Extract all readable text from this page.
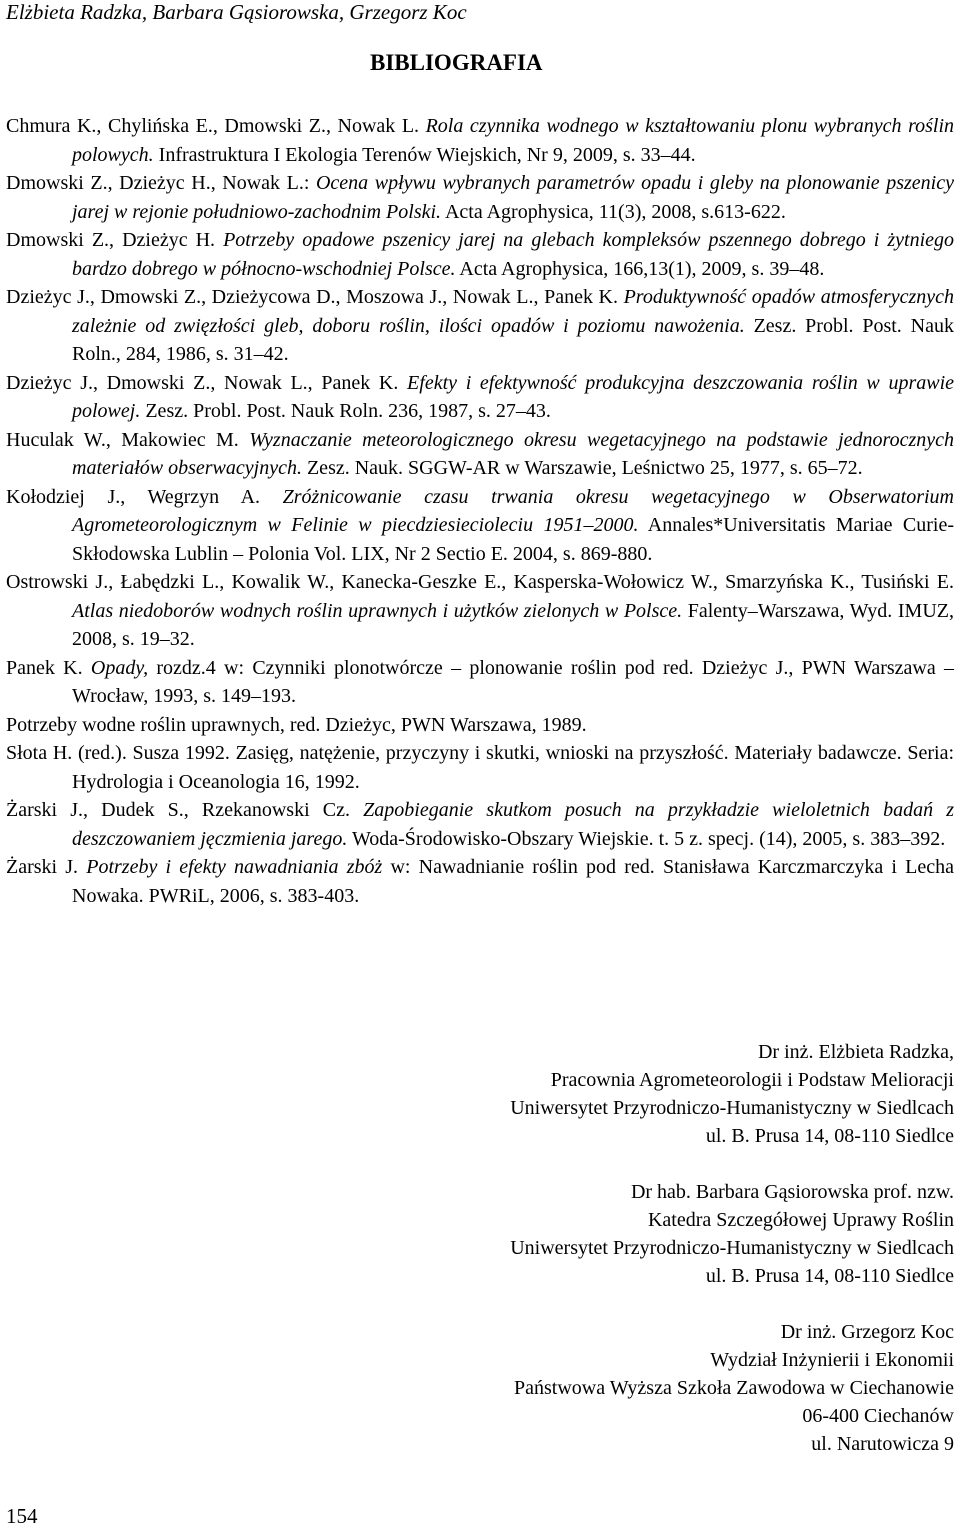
Elżbieta Radzka, Barbara Gąsiorowska, Grzegorz Koc
BIBLIOGRAFIA
Chmura K., Chylińska E., Dmowski Z., Nowak L. Rola czynnika wodnego w kształtowaniu plonu wybranych roślin polowych. Infrastruktura I Ekologia Terenów Wiejskich, Nr 9, 2009, s. 33‒44.
Dmowski Z., Dzieżyc H., Nowak L.: Ocena wpływu wybranych parametrów opadu i gleby na plonowanie pszenicy jarej w rejonie południowo-zachodnim Polski. Acta Agrophysica, 11(3), 2008, s.613-622.
Dmowski Z., Dzieżyc H. Potrzeby opadowe pszenicy jarej na glebach kompleksów pszennego dobrego i żytniego bardzo dobrego w północno-wschodniej Polsce. Acta Agrophysica, 166,13(1), 2009, s. 39‒48.
Dzieżyc J., Dmowski Z., Dzieżycowa D., Moszowa J., Nowak L., Panek K. Produktywność opadów atmosferycznych zależnie od zwięzłości gleb, doboru roślin, ilości opadów i poziomu nawożenia. Zesz. Probl. Post. Nauk Roln., 284, 1986, s. 31‒42.
Dzieżyc J., Dmowski Z., Nowak L., Panek K. Efekty i efektywność produkcyjna deszczowania roślin w uprawie polowej. Zesz. Probl. Post. Nauk Roln. 236, 1987, s. 27‒43.
Huculak W., Makowiec M. Wyznaczanie meteorologicznego okresu wegetacyjnego na podstawie jednorocznych materiałów obserwacyjnych. Zesz. Nauk. SGGW-AR w Warszawie, Leśnictwo 25, 1977, s. 65‒72.
Kołodziej J., Wegrzyn A. Zróżnicowanie czasu trwania okresu wegetacyjnego w Obserwatorium Agrometeorologicznym w Felinie w piecdziesiecioleciu 1951‒2000. Annales*Universitatis Mariae Curie-Skłodowska Lublin ‒ Polonia Vol. LIX, Nr 2 Sectio E. 2004, s. 869-880.
Ostrowski J., Łabędzki L., Kowalik W., Kanecka-Geszke E., Kasperska-Wołowicz W., Smarzyńska K., Tusiński E. Atlas niedoborów wodnych roślin uprawnych i użytków zielonych w Polsce. Falenty‒Warszawa, Wyd. IMUZ, 2008, s. 19‒32.
Panek K. Opady, rozdz.4 w: Czynniki plonotwórcze ‒ plonowanie roślin pod red. Dzieżyc J., PWN Warszawa ‒Wrocław, 1993, s. 149‒193.
Potrzeby wodne roślin uprawnych, red. Dzieżyc, PWN Warszawa, 1989.
Słota H. (red.). Susza 1992. Zasięg, natężenie, przyczyny i skutki, wnioski na przyszłość. Materiały badawcze. Seria: Hydrologia i Oceanologia 16, 1992.
Żarski J., Dudek S., Rzekanowski Cz. Zapobieganie skutkom posuch na przykładzie wieloletnich badań z deszczowaniem jęczmienia jarego. Woda-Środowisko-Obszary Wiejskie. t. 5 z. specj. (14), 2005, s. 383‒392.
Żarski J. Potrzeby i efekty nawadniania zbóż w: Nawadnianie roślin pod red. Stanisława Karczmarczyka i Lecha Nowaka. PWRiL, 2006, s. 383-403.
Dr inż. Elżbieta Radzka,
Pracownia Agrometeorologii i Podstaw Melioracji
Uniwersytet Przyrodniczo-Humanistyczny w Siedlcach
ul. B. Prusa 14, 08-110 Siedlce
Dr hab. Barbara Gąsiorowska prof. nzw.
Katedra Szczegółowej Uprawy Roślin
Uniwersytet Przyrodniczo-Humanistyczny w Siedlcach
ul. B. Prusa 14, 08-110 Siedlce
Dr inż. Grzegorz Koc
Wydział Inżynierii i Ekonomii
Państwowa Wyższa Szkoła Zawodowa w Ciechanowie
06-400 Ciechanów
ul. Narutowicza 9
154
